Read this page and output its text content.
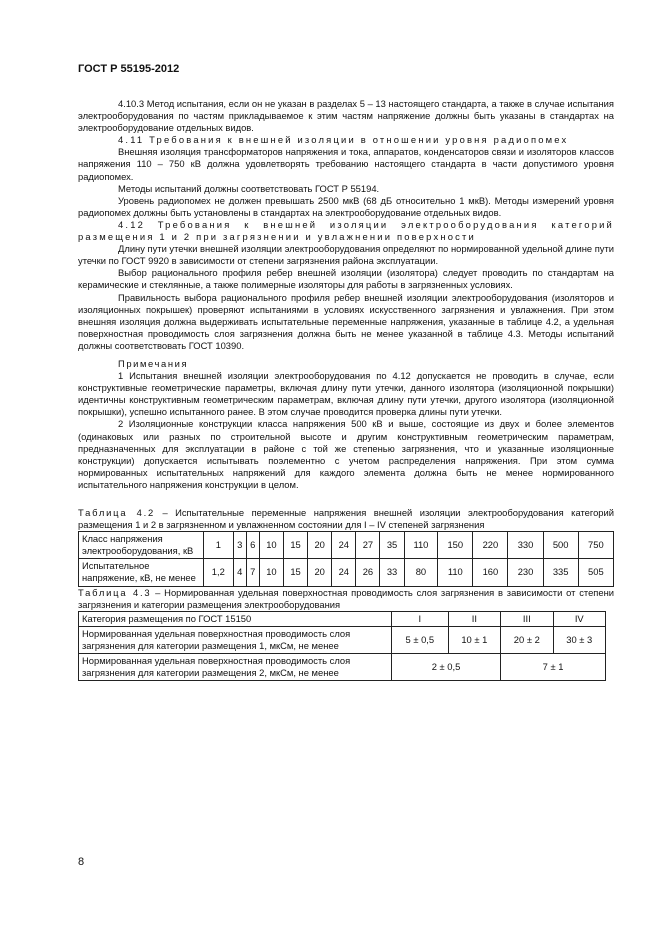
ГОСТ Р 55195-2012

4.10.3 Метод испытания, если он не указан в разделах 5 – 13 настоящего стандарта, а также в случае испытания электрооборудования по частям прикладываемое к этим частям напряжение должны быть указаны в стандартах на электрооборудование отдельных видов.

4.11 Требования к внешней изоляции в отношении уровня радиопомех

Внешняя изоляция трансформаторов напряжения и тока, аппаратов, конденсаторов связи и изоляторов классов напряжения 110 – 750 кВ должна удовлетворять требованию настоящего стандарта в части допустимого уровня радиопомех.

Методы испытаний должны соответствовать ГОСТ Р 55194.

Уровень радиопомех не должен превышать 2500 мкВ (68 дБ относительно 1 мкВ). Методы измерений уровня радиопомех должны быть установлены в стандартах на электрооборудование отдельных видов.

4.12 Требования к внешней изоляции электрооборудования категорий размещения 1 и 2 при загрязнении и увлажнении поверхности

Длину пути утечки внешней изоляции электрооборудования определяют по нормированной удельной длине пути утечки по ГОСТ 9920 в зависимости от степени загрязнения района эксплуатации.

Выбор рационального профиля ребер внешней изоляции (изолятора) следует проводить по стандартам на керамические и стеклянные, а также полимерные изоляторы для работы в загрязненных условиях.

Правильность выбора рационального профиля ребер внешней изоляции электрооборудования (изоляторов и изоляционных покрышек) проверяют испытаниями в условиях искусственного загрязнения и увлажнения. При этом внешняя изоляция должна выдерживать испытательные переменные напряжения, указанные в таблице 4.2, а удельная поверхностная проводимость слоя загрязнения должна быть не менее указанной в таблице 4.3. Методы испытаний должны соответствовать ГОСТ 10390.

Примечания

1 Испытания внешней изоляции электрооборудования по 4.12 допускается не проводить в случае, если конструктивные геометрические параметры, включая длину пути утечки, данного изолятора (изоляционной покрышки) идентичны конструктивным геометрическим параметрам, включая длину пути утечки, другого изолятора (изоляционной покрышки), успешно испытанного ранее. В этом случае проводится проверка длины пути утечки.

2 Изоляционные конструкции класса напряжения 500 кВ и выше, состоящие из двух и более элементов (одинаковых или разных по строительной высоте и другим конструктивным геометрическим параметрам, предназначенных для эксплуатации в районе с той же степенью загрязнения, что и указанные изоляционные конструкции) допускается испытывать поэлементно с учетом распределения напряжения. При этом сумма нормированных испытательных напряжений для каждого элемента должна быть не менее нормированного испытательного напряжения конструкции в целом.

Таблица 4.2 – Испытательные переменные напряжения внешней изоляции электрооборудования категорий размещения 1 и 2 в загрязненном и увлажненном состоянии для I – IV степеней загрязнения

Класс напряжения электрооборудования, кВ	1	3	6	10	15	20	24	27	35	110	150	220	330	500	750
Испытательное напряжение, кВ, не менее	1,2	4	7	10	15	20	24	26	33	80	110	160	230	335	505

Таблица 4.3 – Нормированная удельная поверхностная проводимость слоя загрязнения в зависимости от степени загрязнения и категории размещения электрооборудования

Категория размещения по ГОСТ 15150	I	II	III	IV
Нормированная удельная поверхностная проводимость слоя загрязнения для категории размещения 1, мкСм, не менее	5 ± 0,5	10 ± 1	20 ± 2	30 ± 3
Нормированная удельная поверхностная проводимость слоя загрязнения для категории размещения 2, мкСм, не менее	2 ± 0,5		7 ± 1	
8
